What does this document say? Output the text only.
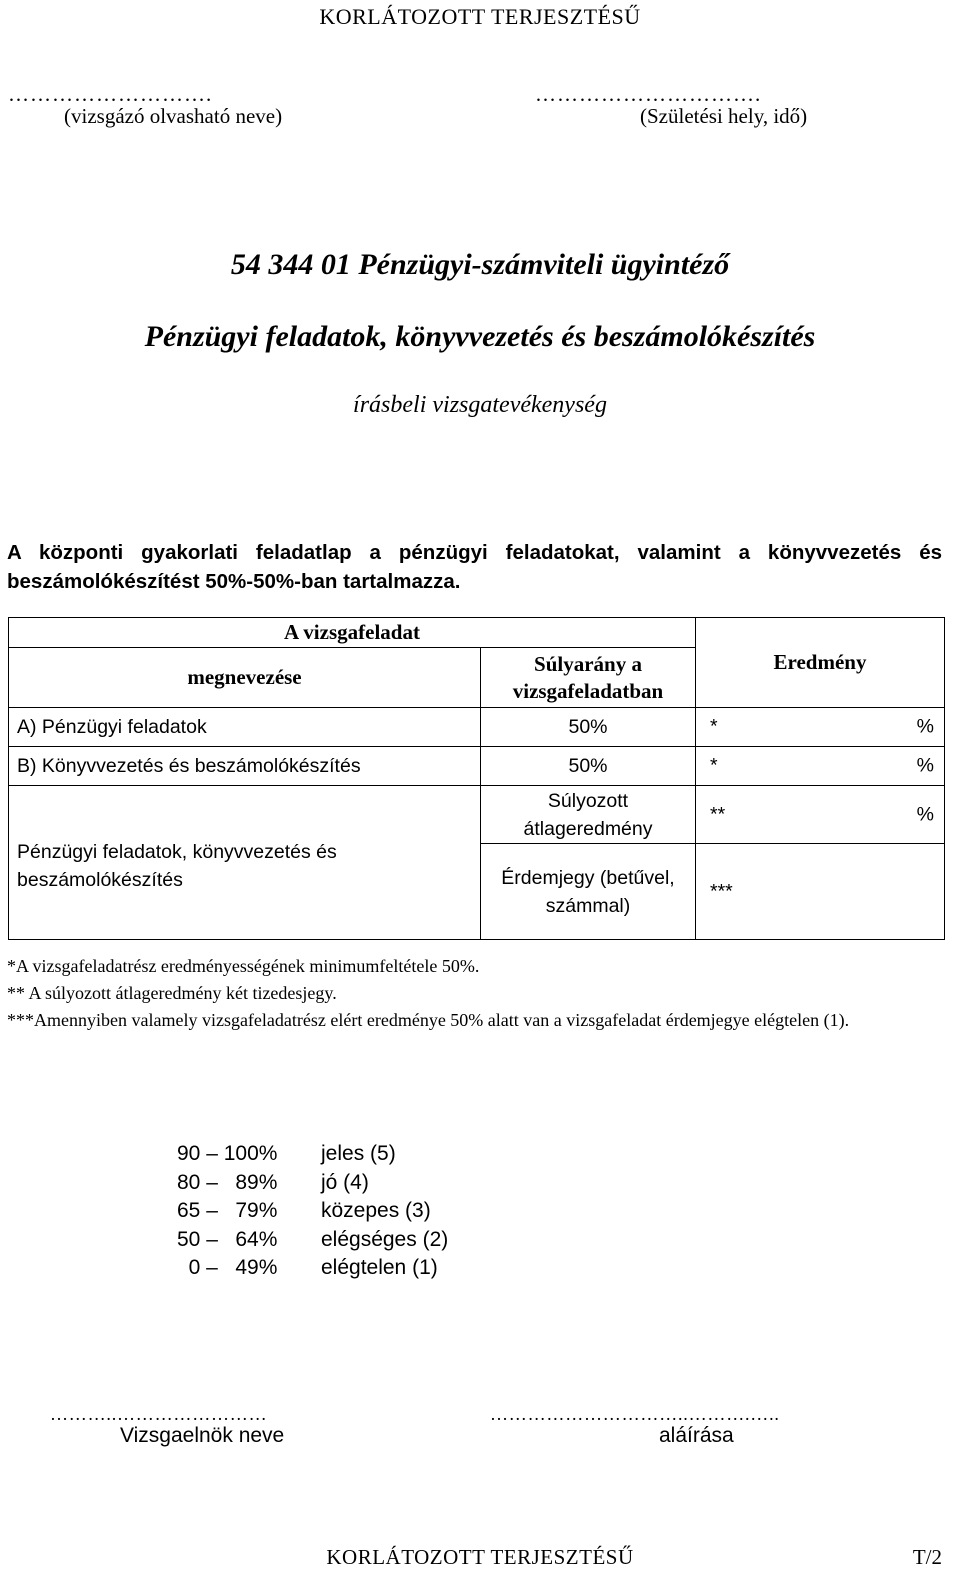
KORLÁTOZOTT TERJESZTÉSŰ
……………………….	………………………….
(vizsgázó olvasható neve)	(Születési hely, idő)
54 344 01 Pénzügyi-számviteli ügyintéző
Pénzügyi feladatok, könyvvezetés és beszámolókészítés
írásbeli vizsgatevékenység
A központi gyakorlati feladatlap a pénzügyi feladatokat, valamint a könyvvezetés és beszámolókészítést 50%-50%-ban tartalmazza.
A vizsgafeladat		Eredmény
megnevezése	Súlyarány a vizsgafeladatban	
A) Pénzügyi feladatok	50%	* %

B) Könyvvezetés és beszámolókészítés	50%	* %

Pénzügyi feladatok, könyvvezetés és beszámolókészítés	Súlyozott átlageredmény	** %

	Érdemjegy (betűvel, számmal)	***
*A vizsgafeladatrész eredményességének minimumfeltétele 50%.
** A súlyozott átlageredmény két tizedesjegy.
***Amennyiben valamely vizsgafeladatrész elért eredménye 50% alatt van a vizsgafeladat érdemjegye elégtelen (1).
90 – 100%	jeles (5)
80 –   89%	jó (4)
65 –   79%	közepes (3)
50 –   64%	elégséges (2)
0 –   49%	elégtelen (1)
………..……………………	…………………………..……….…..
Vizsgaelnök neve	aláírása
KORLÁTOZOTT TERJESZTÉSŰ	T/2
